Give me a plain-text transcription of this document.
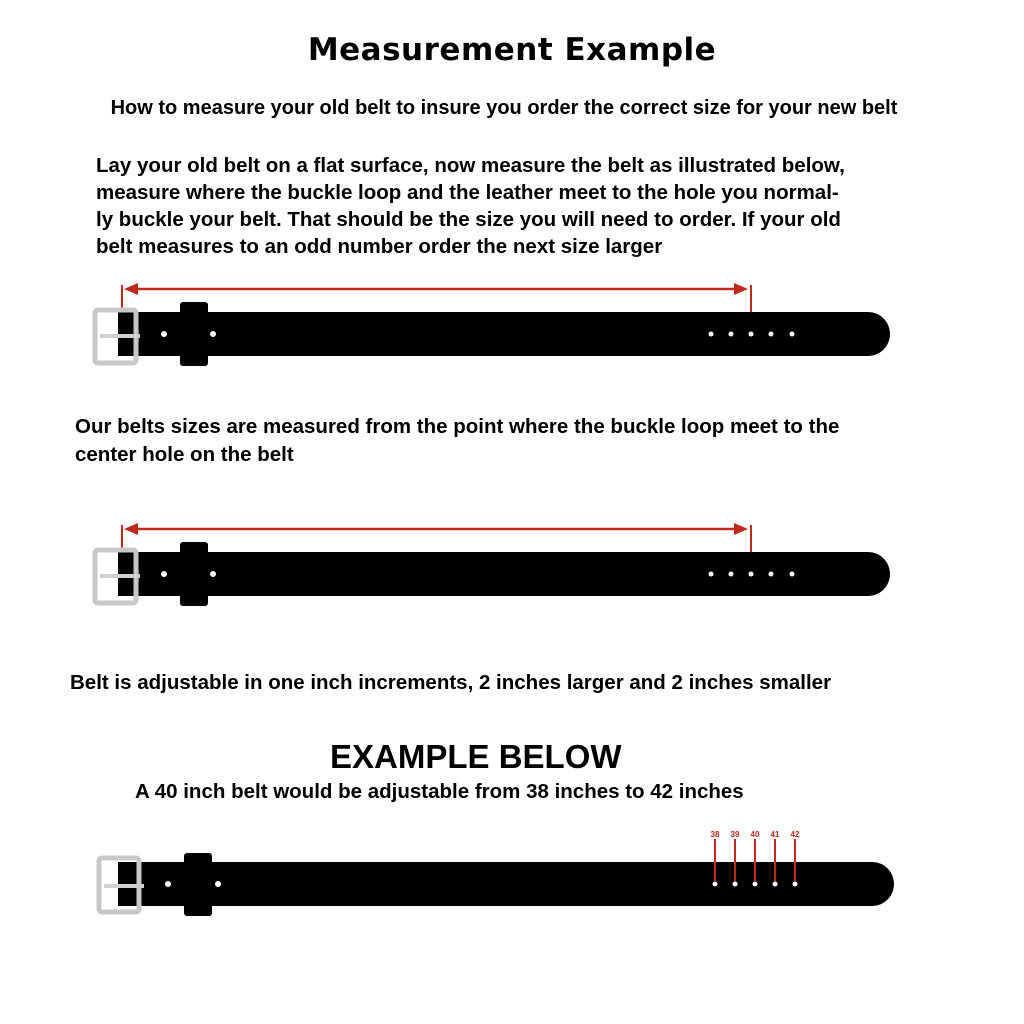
Measurement Example
How to measure your old belt to insure you order the correct size for your new belt
Lay your old belt on a flat surface, now measure the belt as illustrated below,
measure where the buckle loop and the leather meet to the hole you normal-
ly buckle your belt. That should be the size you will need to order. If your old
belt measures to an odd number order the next size larger
Our belts sizes are measured from the point where the buckle loop meet to the
center hole on the belt
Belt is adjustable in one inch increments, 2 inches larger and 2 inches smaller
EXAMPLE BELOW
A 40 inch belt would be adjustable from 38 inches to 42 inches
38 39 40 41 42
